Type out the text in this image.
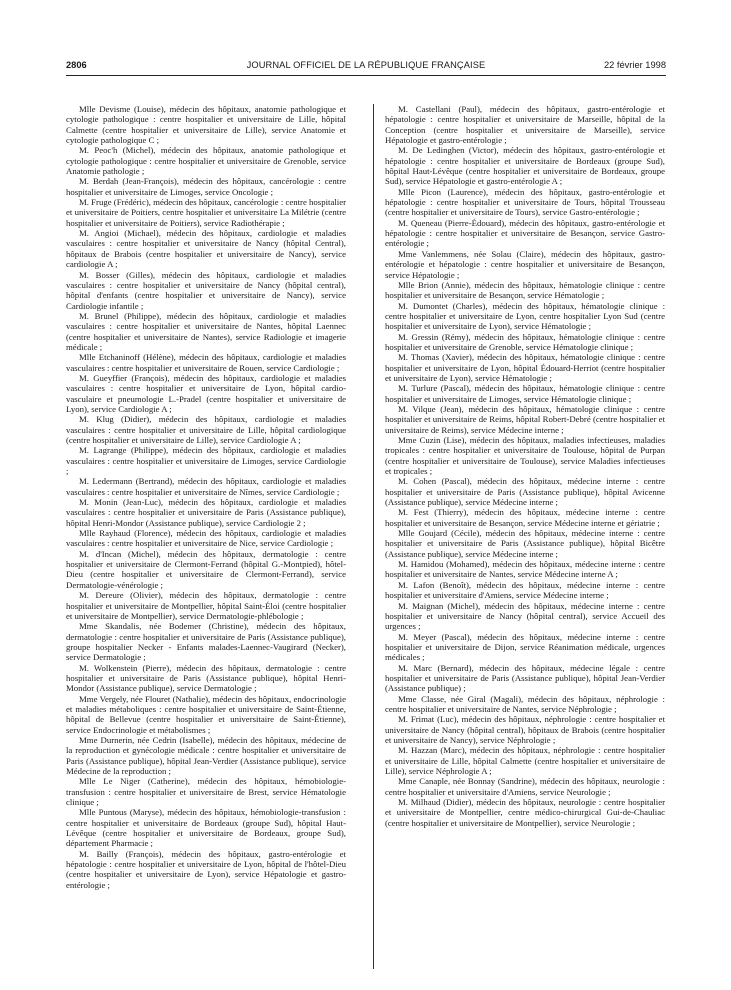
2806	JOURNAL OFFICIEL DE LA RÉPUBLIQUE FRANÇAISE	22 février 1998

Mlle Devisme (Louise), médecin des hôpitaux, anatomie pathologique et cytologie pathologique : centre hospitalier et universitaire de Lille, hôpital Calmette (centre hospitalier et universitaire de Lille), service Anatomie et cytologie pathologique C ;

M. Peoc'h (Michel), médecin des hôpitaux, anatomie pathologique et cytologie pathologique : centre hospitalier et universitaire de Grenoble, service Anatomie pathologie ;

M. Berdah (Jean-François), médecin des hôpitaux, cancérologie : centre hospitalier et universitaire de Limoges, service Oncologie ;

M. Fruge (Frédéric), médecin des hôpitaux, cancérologie : centre hospitalier et universitaire de Poitiers, centre hospitalier et universitaire La Milétrie (centre hospitalier et universitaire de Poitiers), service Radiothérapie ;

M. Angioi (Michael), médecin des hôpitaux, cardiologie et maladies vasculaires : centre hospitalier et universitaire de Nancy (hôpital Central), hôpitaux de Brabois (centre hospitalier et universitaire de Nancy), service cardiologie A ;

M. Bosser (Gilles), médecin des hôpitaux, cardiologie et maladies vasculaires : centre hospitalier et universitaire de Nancy (hôpital central), hôpital d'enfants (centre hospitalier et universitaire de Nancy), service Cardiologie infantile ;

M. Brunel (Philippe), médecin des hôpitaux, cardiologie et maladies vasculaires : centre hospitalier et universitaire de Nantes, hôpital Laennec (centre hospitalier et universitaire de Nantes), service Radiologie et imagerie médicale ;

Mlle Etchaninoff (Hélène), médecin des hôpitaux, cardiologie et maladies vasculaires : centre hospitalier et universitaire de Rouen, service Cardiologie ;

M. Gueyffier (François), médecin des hôpitaux, cardiologie et maladies vasculaires : centre hospitalier et universitaire de Lyon, hôpital cardio-vasculaire et pneumologie L.-Pradel (centre hospitalier et universitaire de Lyon), service Cardiologie A ;

M. Klug (Didier), médecin des hôpitaux, cardiologie et maladies vasculaires : centre hospitalier et universitaire de Lille, hôpital cardiologique (centre hospitalier et universitaire de Lille), service Cardiologie A ;

M. Lagrange (Philippe), médecin des hôpitaux, cardiologie et maladies vasculaires : centre hospitalier et universitaire de Limoges, service Cardiologie ;

M. Ledermann (Bertrand), médecin des hôpitaux, cardiologie et maladies vasculaires : centre hospitalier et universitaire de Nîmes, service Cardiologie ;

M. Monin (Jean-Luc), médecin des hôpitaux, cardiologie et maladies vasculaires : centre hospitalier et universitaire de Paris (Assistance publique), hôpital Henri-Mondor (Assistance publique), service Cardiologie 2 ;

Mlle Rayhaud (Florence), médecin des hôpitaux, cardiologie et maladies vasculaires : centre hospitalier et universitaire de Nice, service Cardiologie ;

M. d'Incan (Michel), médecin des hôpitaux, dermatologie : centre hospitalier et universitaire de Clermont-Ferrand (hôpital G.-Montpied), hôtel-Dieu (centre hospitalier et universitaire de Clermont-Ferrand), service Dermatologie-vénérologie ;

M. Dereure (Olivier), médecin des hôpitaux, dermatologie : centre hospitalier et universitaire de Montpellier, hôpital Saint-Éloi (centre hospitalier et universitaire de Montpellier), service Dermatologie-phlébologie ;

Mme Skandalis, née Bodemer (Christine), médecin des hôpitaux, dermatologie : centre hospitalier et universitaire de Paris (Assistance publique), groupe hospitalier Necker - Enfants malades-Laennec-Vaugirard (Necker), service Dermatologie ;

M. Wolkenstein (Pierre), médecin des hôpitaux, dermatologie : centre hospitalier et universitaire de Paris (Assistance publique), hôpital Henri-Mondor (Assistance publique), service Dermatologie ;

Mme Vergely, née Flouret (Nathalie), médecin des hôpitaux, endocrinologie et maladies métaboliques : centre hospitalier et universitaire de Saint-Étienne, hôpital de Bellevue (centre hospitalier et universitaire de Saint-Étienne), service Endocrinologie et métabolismes ;

Mme Durnerin, née Cedrin (Isabelle), médecin des hôpitaux, médecine de la reproduction et gynécologie médicale : centre hospitalier et universitaire de Paris (Assistance publique), hôpital Jean-Verdier (Assistance publique), service Médecine de la reproduction ;

Mlle Le Niger (Catherine), médecin des hôpitaux, hémobiologie-transfusion : centre hospitalier et universitaire de Brest, service Hématologie clinique ;

Mlle Puntous (Maryse), médecin des hôpitaux, hémobiologie-transfusion : centre hospitalier et universitaire de Bordeaux (groupe Sud), hôpital Haut-Lévêque (centre hospitalier et universitaire de Bordeaux, groupe Sud), département Pharmacie ;

M. Bailly (François), médecin des hôpitaux, gastro-entérologie et hépatologie : centre hospitalier et universitaire de Lyon, hôpital de l'hôtel-Dieu (centre hospitalier et universitaire de Lyon), service Hépatologie et gastro-entérologie ;

M. Castellani (Paul), médecin des hôpitaux, gastro-entérologie et hépatologie : centre hospitalier et universitaire de Marseille, hôpital de la Conception (centre hospitalier et universitaire de Marseille), service Hépatologie et gastro-entérologie ;

M. De Ledinghen (Victor), médecin des hôpitaux, gastro-entérologie et hépatologie : centre hospitalier et universitaire de Bordeaux (groupe Sud), hôpital Haut-Lévêque (centre hospitalier et universitaire de Bordeaux, groupe Sud), service Hépatologie et gastro-entérologie A ;

Mlle Picon (Laurence), médecin des hôpitaux, gastro-entérologie et hépatologie : centre hospitalier et universitaire de Tours, hôpital Trousseau (centre hospitalier et universitaire de Tours), service Gastro-entérologie ;

M. Queneau (Pierre-Édouard), médecin des hôpitaux, gastro-entérologie et hépatologie : centre hospitalier et universitaire de Besançon, service Gastro-entérologie ;

Mme Vanlemmens, née Solau (Claire), médecin des hôpitaux, gastro-entérologie et hépatologie : centre hospitalier et universitaire de Besançon, service Hépatologie ;

Mlle Brion (Annie), médecin des hôpitaux, hématologie clinique : centre hospitalier et universitaire de Besançon, service Hématologie ;

M. Dumontet (Charles), médecin des hôpitaux, hématologie clinique : centre hospitalier et universitaire de Lyon, centre hospitalier Lyon Sud (centre hospitalier et universitaire de Lyon), service Hématologie ;

M. Gressin (Rémy), médecin des hôpitaux, hématologie clinique : centre hospitalier et universitaire de Grenoble, service Hématologie clinique ;

M. Thomas (Xavier), médecin des hôpitaux, hématologie clinique : centre hospitalier et universitaire de Lyon, hôpital Édouard-Herriot (centre hospitalier et universitaire de Lyon), service Hématologie ;

M. Turlure (Pascal), médecin des hôpitaux, hématologie clinique : centre hospitalier et universitaire de Limoges, service Hématologie clinique ;

M. Vilque (Jean), médecin des hôpitaux, hématologie clinique : centre hospitalier et universitaire de Reims, hôpital Robert-Debré (centre hospitalier et universitaire de Reims), service Médecine interne ;

Mme Cuzin (Lise), médecin des hôpitaux, maladies infectieuses, maladies tropicales : centre hospitalier et universitaire de Toulouse, hôpital de Purpan (centre hospitalier et universitaire de Toulouse), service Maladies infectieuses et tropicales ;

M. Cohen (Pascal), médecin des hôpitaux, médecine interne : centre hospitalier et universitaire de Paris (Assistance publique), hôpital Avicenne (Assistance publique), service Médecine interne ;

M. Fest (Thierry), médecin des hôpitaux, médecine interne : centre hospitalier et universitaire de Besançon, service Médecine interne et gériatrie ;

Mlle Goujard (Cécile), médecin des hôpitaux, médecine interne : centre hospitalier et universitaire de Paris (Assistance publique), hôpital Bicêtre (Assistance publique), service Médecine interne ;

M. Hamidou (Mohamed), médecin des hôpitaux, médecine interne : centre hospitalier et universitaire de Nantes, service Médecine interne A ;

M. Lafon (Benoît), médecin des hôpitaux, médecine interne : centre hospitalier et universitaire d'Amiens, service Médecine interne ;

M. Maignan (Michel), médecin des hôpitaux, médecine interne : centre hospitalier et universitaire de Nancy (hôpital central), service Accueil des urgences ;

M. Meyer (Pascal), médecin des hôpitaux, médecine interne : centre hospitalier et universitaire de Dijon, service Réanimation médicale, urgences médicales ;

M. Marc (Bernard), médecin des hôpitaux, médecine légale : centre hospitalier et universitaire de Paris (Assistance publique), hôpital Jean-Verdier (Assistance publique) ;

Mme Classe, née Giral (Magali), médecin des hôpitaux, néphrologie : centre hospitalier et universitaire de Nantes, service Néphrologie ;

M. Frimat (Luc), médecin des hôpitaux, néphrologie : centre hospitalier et universitaire de Nancy (hôpital central), hôpitaux de Brabois (centre hospitalier et universitaire de Nancy), service Néphrologie ;

M. Hazzan (Marc), médecin des hôpitaux, néphrologie : centre hospitalier et universitaire de Lille, hôpital Calmette (centre hospitalier et universitaire de Lille), service Néphrologie A ;

Mme Canaple, née Bonnay (Sandrine), médecin des hôpitaux, neurologie : centre hospitalier et universitaire d'Amiens, service Neurologie ;

M. Milhaud (Didier), médecin des hôpitaux, neurologie : centre hospitalier et universitaire de Montpellier, centre médico-chirurgical Gui-de-Chauliac (centre hospitalier et universitaire de Montpellier), service Neurologie ;
